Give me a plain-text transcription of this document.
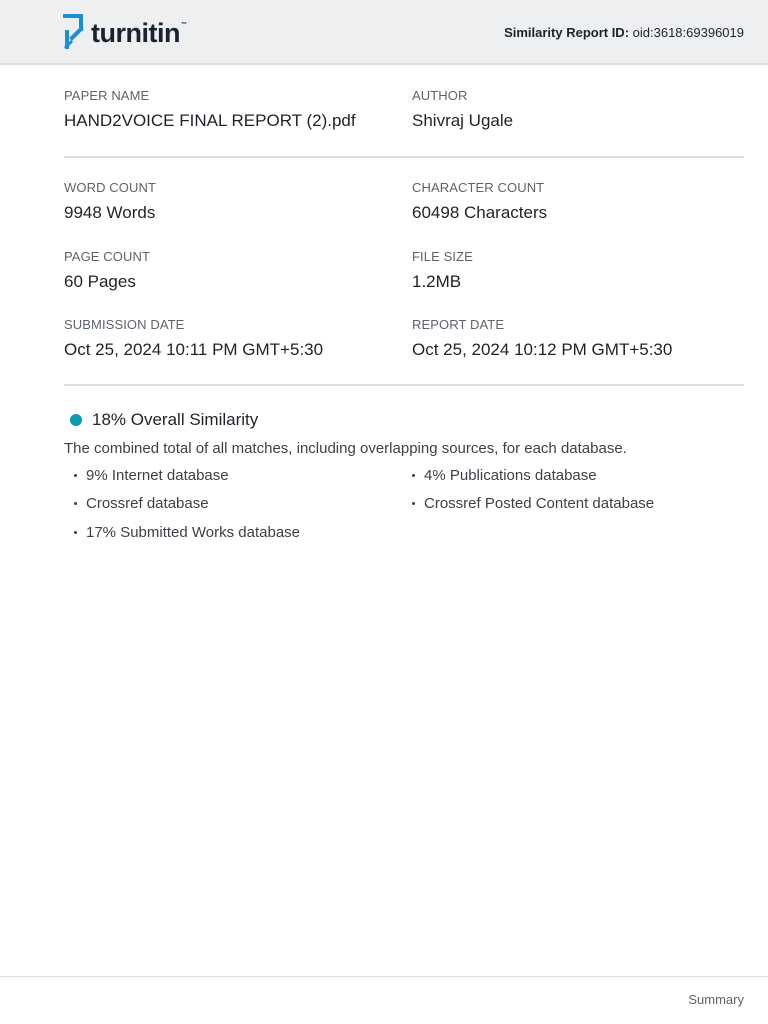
turnitin™
Similarity Report ID: oid:3618:69396019
PAPER NAME
HAND2VOICE FINAL REPORT (2).pdf
AUTHOR
Shivraj Ugale
WORD COUNT
9948 Words
CHARACTER COUNT
60498 Characters
PAGE COUNT
60 Pages
FILE SIZE
1.2MB
SUBMISSION DATE
Oct 25, 2024 10:11 PM GMT+5:30
REPORT DATE
Oct 25, 2024 10:12 PM GMT+5:30
18% Overall Similarity
The combined total of all matches, including overlapping sources, for each database.
9% Internet database	4% Publications database
Crossref database	Crossref Posted Content database
17% Submitted Works database
Summary
